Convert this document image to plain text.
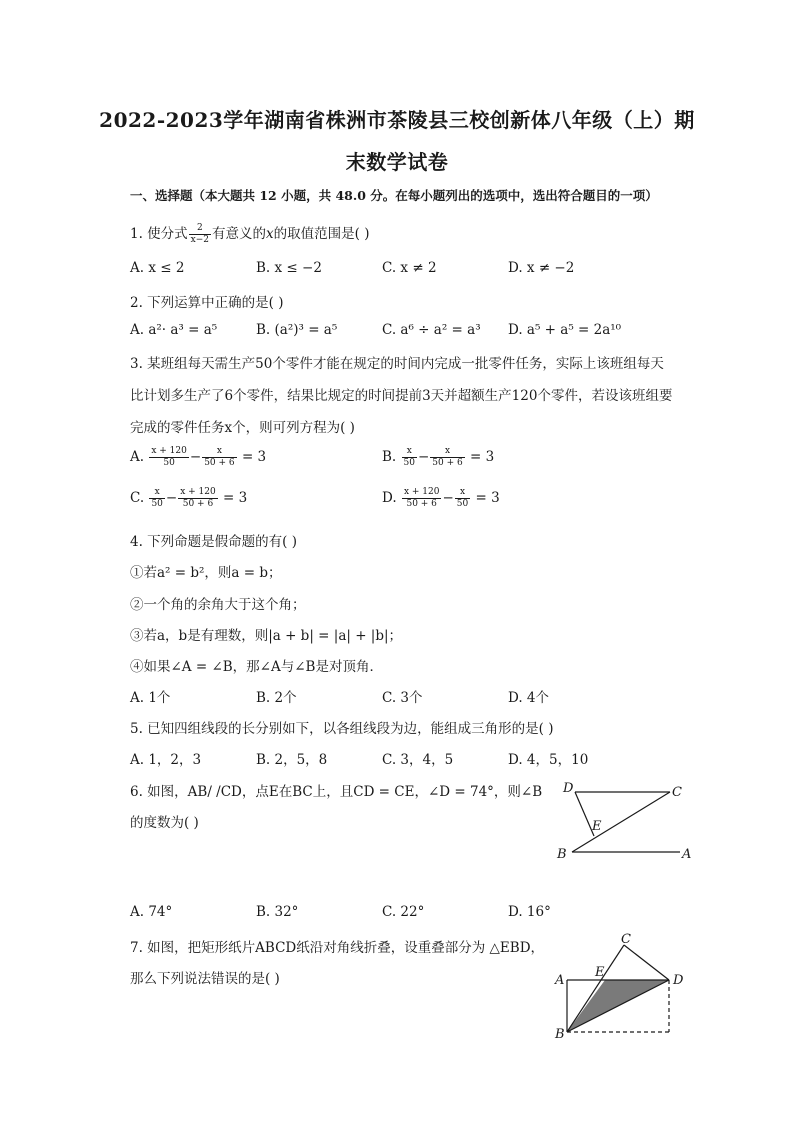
2022-2023学年湖南省株洲市茶陵县三校创新体八年级（上）期
末数学试卷
一、选择题（本大题共 12 小题，共 48.0 分。在每小题列出的选项中，选出符合题目的一项）
1. 使分式 $\frac{2}{x-2}$ 有意义的x的取值范围是( )
A. x ≤ 2	B. x ≤ −2	C. x ≠ 2	D. x ≠ −2
2. 下列运算中正确的是( )
A. a²· a³ = a⁵	B. (a²)³ = a⁵	C. a⁶ ÷ a² = a³ D. a⁵ + a⁵ = 2a¹⁰
3. 某班组每天需生产50个零件才能在规定的时间内完成一批零件任务，实际上该班组每天
比计划多生产了6个零件，结果比规定的时间提前3天并超额生产120个零件，若设该班组要
完成的零件任务x个，则可列方程为( )
A. $\frac{x + 120}{50} - \frac{x}{50 + 6} = 3$	B. $\frac{x}{50} - \frac{x}{50 + 6} = 3$
C. $\frac{x}{50} - \frac{x + 120}{50 + 6} = 3$	D. $\frac{x + 120}{50 + 6} - \frac{x}{50} = 3$
4. 下列命题是假命题的有( )
①若a² = b²，则a = b；
②一个角的余角大于这个角；
③若a，b是有理数，则|a + b| = |a| + |b|；
④如果∠A = ∠B，那∠A与∠B是对顶角．
A. 1个	B. 2个	C. 3个	D. 4个
5. 已知四组线段的长分别如下，以各组线段为边，能组成三角形的是( )
A. 1，2，3	B. 2，5，8	C. 3，4，5	D. 4，5，10
6. 如图，AB/ /CD，点E在BC上，且CD = CE，∠D = 74°，则∠B
的度数为( )
D	C
E
B	A
A. 74°	B. 32°	C. 22°	D. 16°
7. 如图，把矩形纸片ABCD纸沿对角线折叠，设重叠部分为 △EBD，
那么下列说法错误的是( )
C
A
E
D
B
